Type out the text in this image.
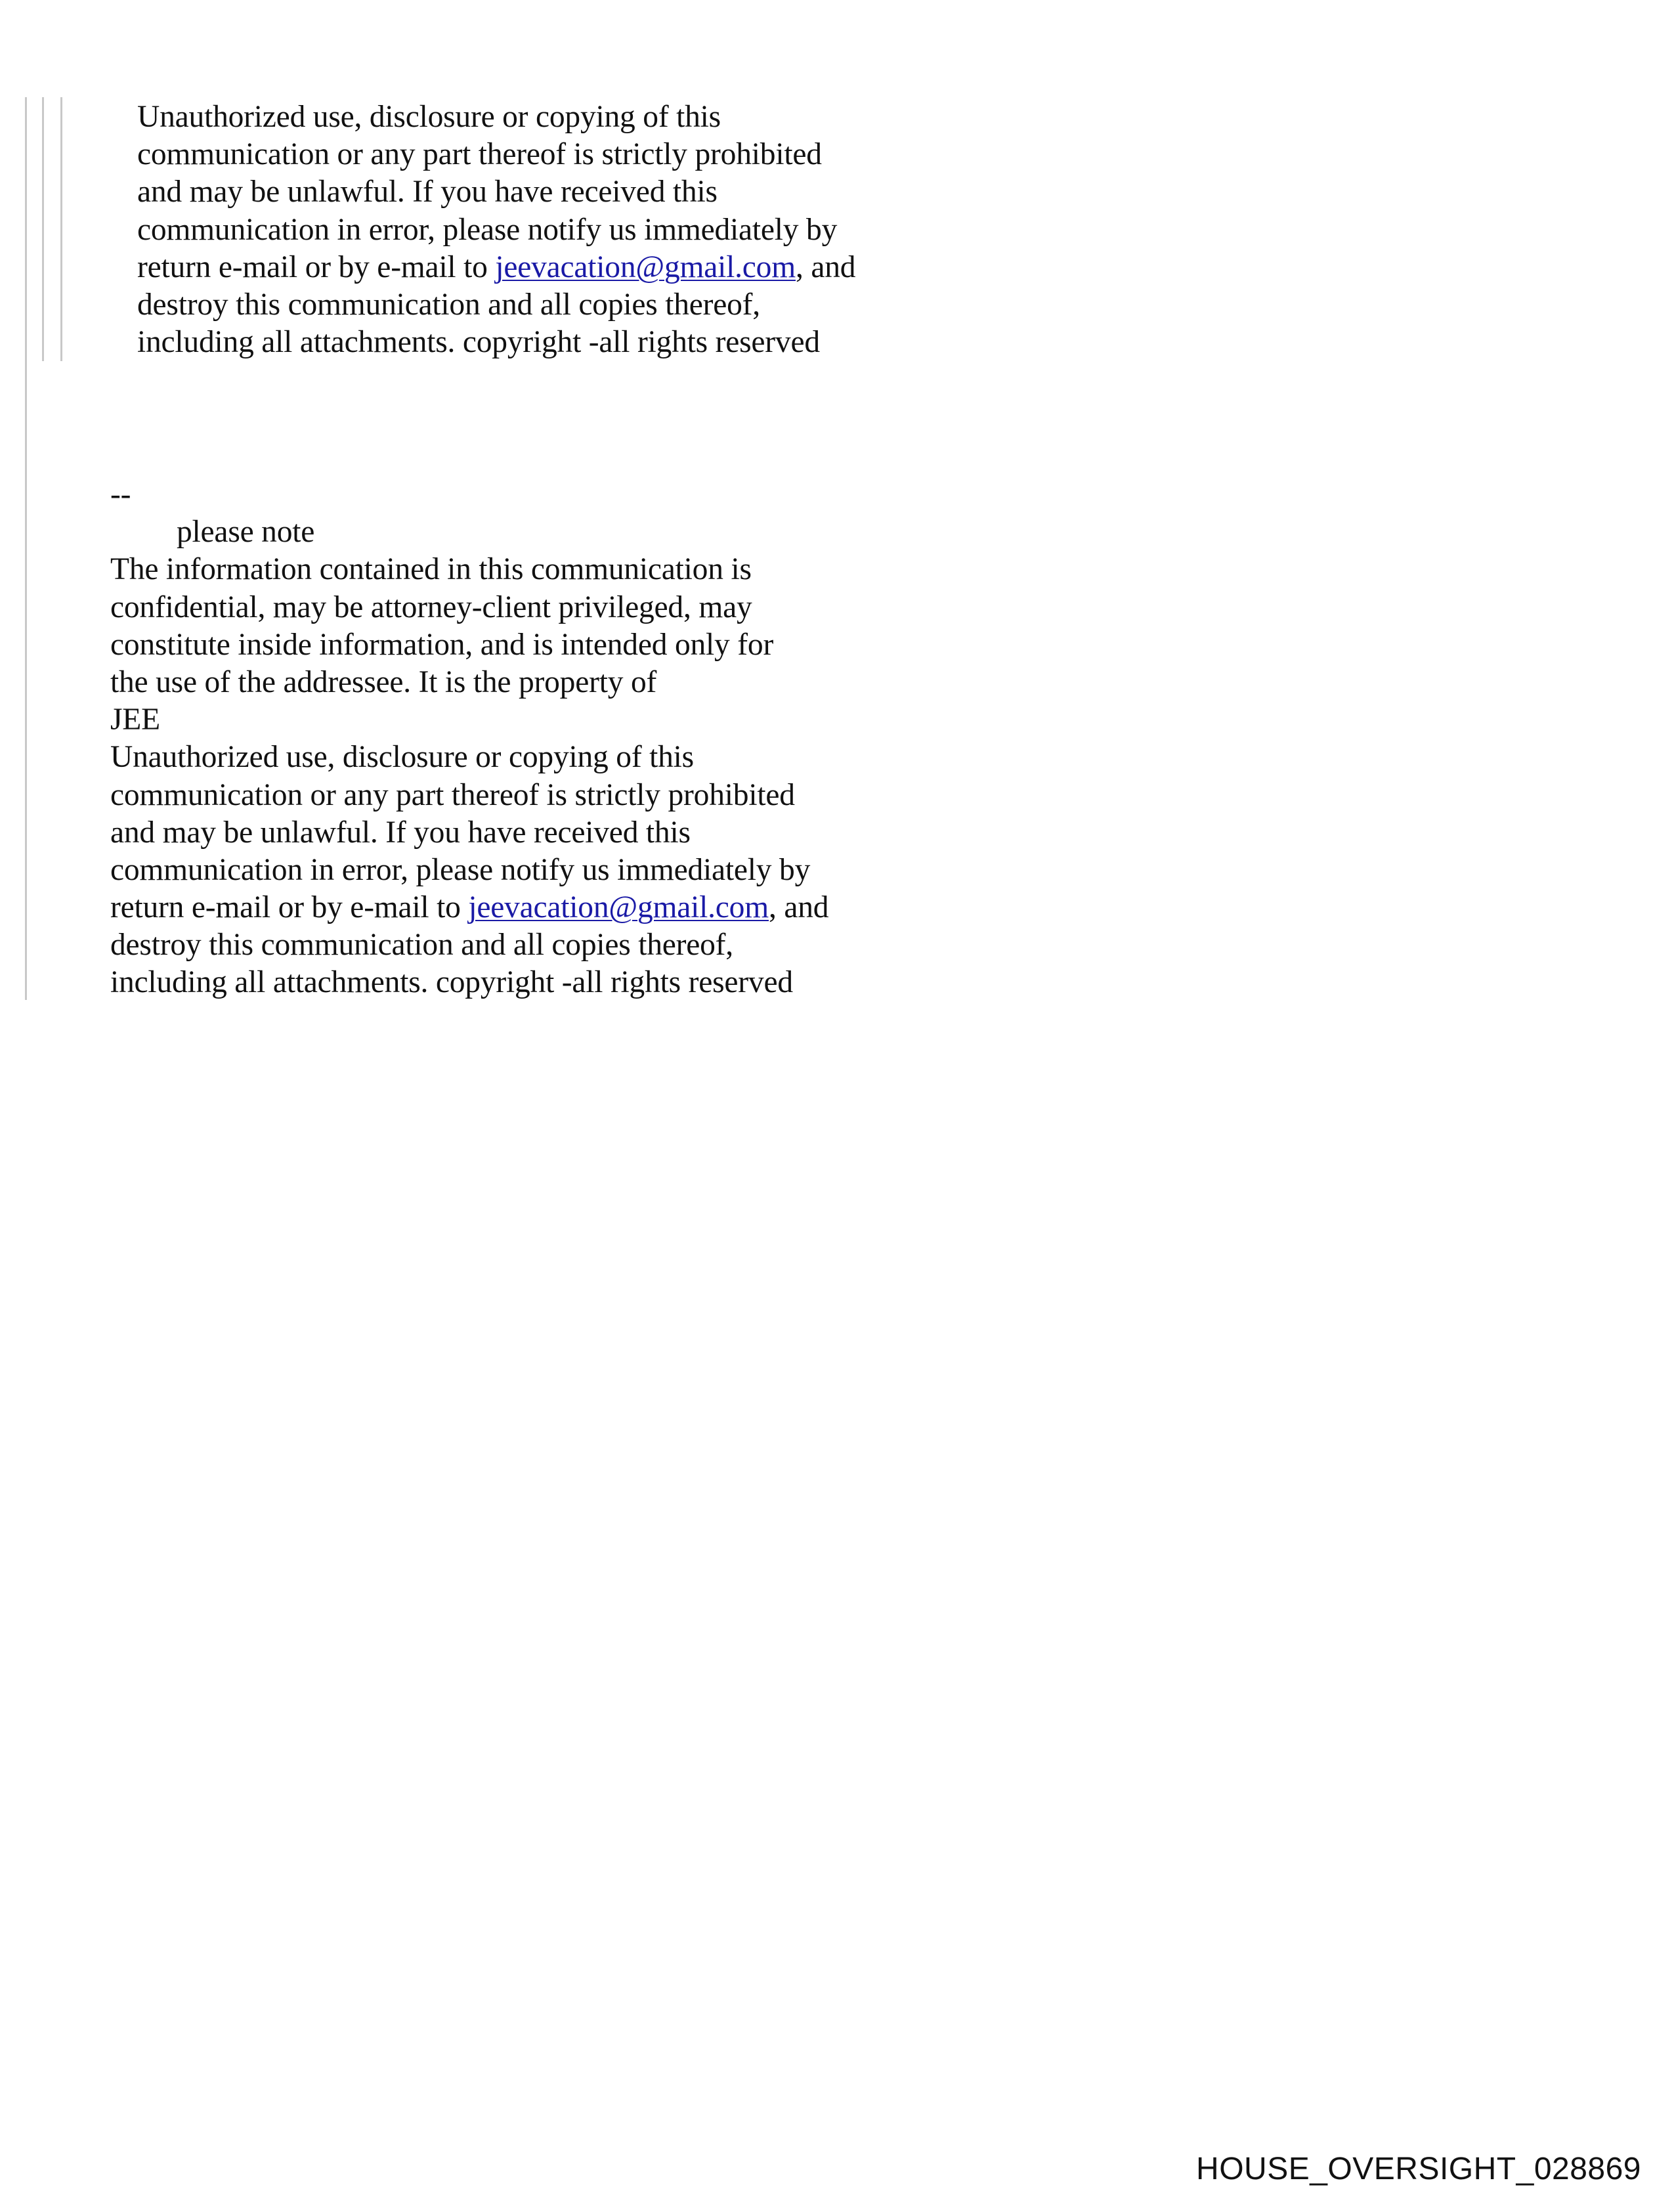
Unauthorized use, disclosure or copying of this
communication or any part thereof is strictly prohibited
and may be unlawful. If you have received this
communication in error, please notify us immediately by
return e-mail or by e-mail to jeevacation@gmail.com, and
destroy this communication and all copies thereof,
including all attachments. copyright -all rights reserved
--
please note
The information contained in this communication is
confidential, may be attorney-client privileged, may
constitute inside information, and is intended only for
the use of the addressee. It is the property of
JEE
Unauthorized use, disclosure or copying of this
communication or any part thereof is strictly prohibited
and may be unlawful. If you have received this
communication in error, please notify us immediately by
return e-mail or by e-mail to jeevacation@gmail.com, and
destroy this communication and all copies thereof,
including all attachments. copyright -all rights reserved
HOUSE_OVERSIGHT_028869
